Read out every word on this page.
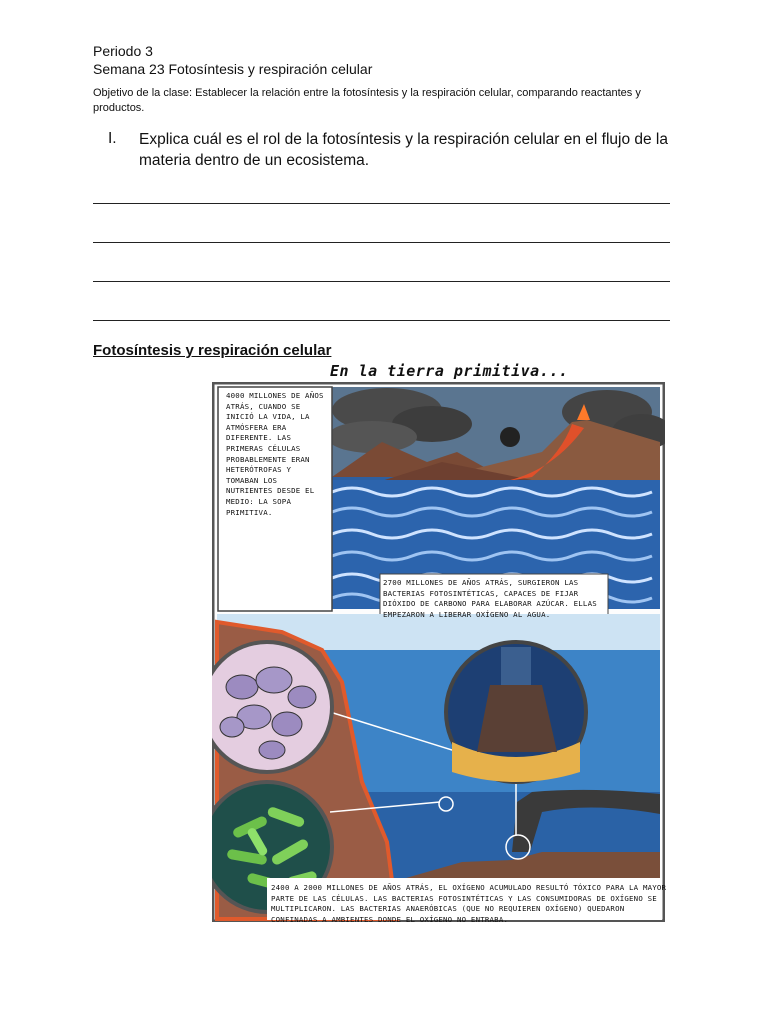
Periodo 3
Semana 23 Fotosíntesis y respiración celular
Objetivo de la clase: Establecer la relación entre la fotosíntesis y la respiración celular, comparando reactantes y productos.
I. Explica cuál es el rol de la fotosíntesis y la respiración celular en el flujo de la materia dentro de un ecosistema.
Fotosíntesis y respiración celular
En la tierra primitiva...
4000 MILLONES DE AÑOS ATRÁS, CUANDO SE INICIÓ LA VIDA, LA ATMÓSFERA ERA DIFERENTE. LAS PRIMERAS CÉLULAS PROBABLEMENTE ERAN HETERÓTROFAS Y TOMABAN LOS NUTRIENTES DESDE EL MEDIO: LA SOPA PRIMITIVA.
2700 MILLONES DE AÑOS ATRÁS, SURGIERON LAS BACTERIAS FOTOSINTÉTICAS, CAPACES DE FIJAR DIÓXIDO DE CARBONO PARA ELABORAR AZÚCAR. ELLAS EMPEZARON A LIBERAR OXÍGENO AL AGUA.
2400 A 2000 MILLONES DE AÑOS ATRÁS, EL OXÍGENO ACUMULADO RESULTÓ TÓXICO PARA LA MAYOR PARTE DE LAS CÉLULAS. LAS BACTERIAS FOTOSINTÉTICAS Y LAS CONSUMIDORAS DE OXÍGENO SE MULTIPLICARON. LAS BACTERIAS ANAERÓBICAS (QUE NO REQUIEREN OXÍGENO) QUEDARON CONFINADAS A AMBIENTES DONDE EL OXÍGENO NO ENTRABA.
